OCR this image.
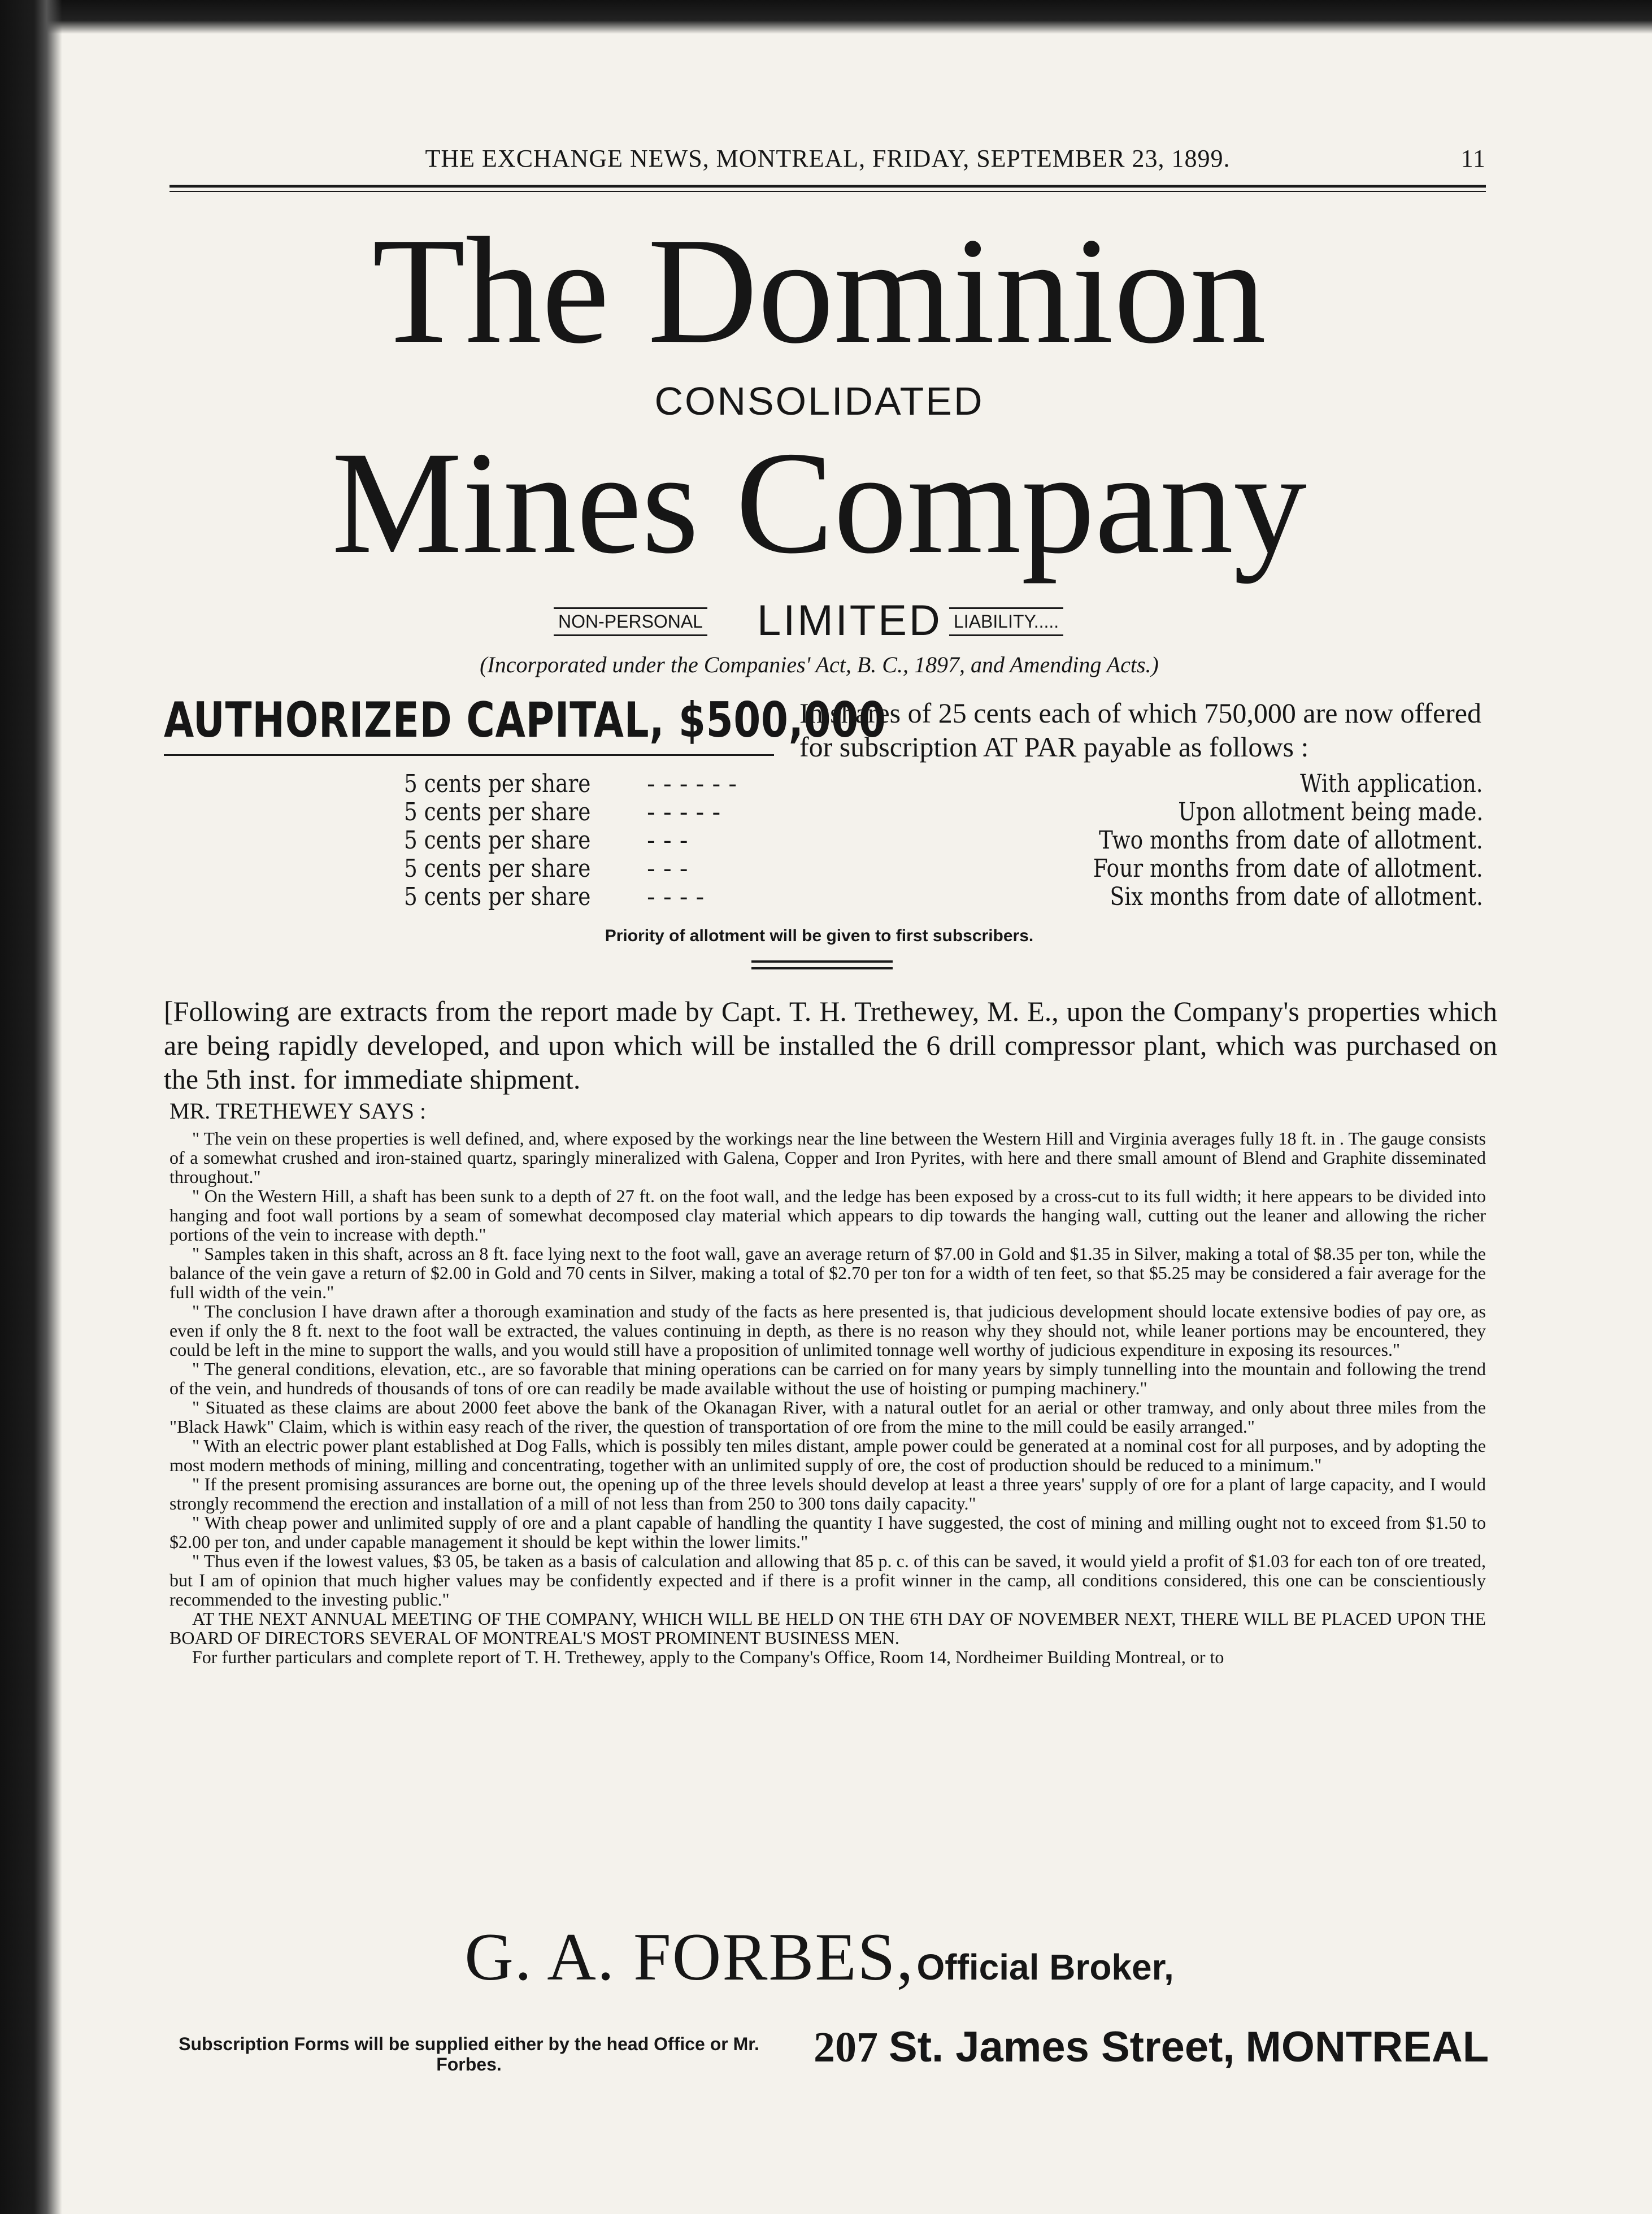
THE EXCHANGE NEWS, MONTREAL, FRIDAY, SEPTEMBER 23, 1899.	11
The Dominion
CONSOLIDATED
Mines Company
NON-PERSONAL LIMITED LIABILITY.....
(Incorporated under the Companies' Act, B. C., 1897, and Amending Acts.)
AUTHORIZED CAPITAL, $500,000
In shares of 25 cents each of which 750,000 are now offered for subscription AT PAR payable as follows :
5 cents per share - - - - - -	With application.
5 cents per share - - - - -	Upon allotment being made.
5 cents per share - - -	Two months from date of allotment.
5 cents per share - - -	Four months from date of allotment.
5 cents per share - - - -	Six months from date of allotment.
Priority of allotment will be given to first subscribers.
[Following are extracts from the report made by Capt. T. H. Trethewey, M. E., upon the Company's properties which are being rapidly developed, and upon which will be installed the 6 drill compressor plant, which was purchased on the 5th inst. for immediate shipment.
MR. TRETHEWEY SAYS :

" The vein on these properties is well defined, and, where exposed by the workings near the line between the Western Hill and Virginia averages fully 18 ft. in . The gauge consists of a somewhat crushed and iron-stained quartz, sparingly mineralized with Galena, Copper and Iron Pyrites, with here and there small amount of Blend and Graphite disseminated throughout."

" On the Western Hill, a shaft has been sunk to a depth of 27 ft. on the foot wall, and the ledge has been exposed by a cross-cut to its full width; it here appears to be divided into hanging and foot wall portions by a seam of somewhat decomposed clay material which appears to dip towards the hanging wall, cutting out the leaner and allowing the richer portions of the vein to increase with depth."

" Samples taken in this shaft, across an 8 ft. face lying next to the foot wall, gave an average return of $7.00 in Gold and $1.35 in Silver, making a total of $8.35 per ton, while the balance of the vein gave a return of $2.00 in Gold and 70 cents in Silver, making a total of $2.70 per ton for a width of ten feet, so that $5.25 may be considered a fair average for the full width of the vein."

" The conclusion I have drawn after a thorough examination and study of the facts as here presented is, that judicious development should locate extensive bodies of pay ore, as even if only the 8 ft. next to the foot wall be extracted, the values continuing in depth, as there is no reason why they should not, while leaner portions may be encountered, they could be left in the mine to support the walls, and you would still have a proposition of unlimited tonnage well worthy of judicious expenditure in exposing its resources."

" The general conditions, elevation, etc., are so favorable that mining operations can be carried on for many years by simply tunnelling into the mountain and following the trend of the vein, and hundreds of thousands of tons of ore can readily be made available without the use of hoisting or pumping machinery."

" Situated as these claims are about 2000 feet above the bank of the Okanagan River, with a natural outlet for an aerial or other tramway, and only about three miles from the "Black Hawk" Claim, which is within easy reach of the river, the question of transportation of ore from the mine to the mill could be easily arranged."

" With an electric power plant established at Dog Falls, which is possibly ten miles distant, ample power could be generated at a nominal cost for all purposes, and by adopting the most modern methods of mining, milling and concentrating, together with an unlimited supply of ore, the cost of production should be reduced to a minimum."

" If the present promising assurances are borne out, the opening up of the three levels should develop at least a three years' supply of ore for a plant of large capacity, and I would strongly recommend the erection and installation of a mill of not less than from 250 to 300 tons daily capacity."

" With cheap power and unlimited supply of ore and a plant capable of handling the quantity I have suggested, the cost of mining and milling ought not to exceed from $1.50 to $2.00 per ton, and under capable management it should be kept within the lower limits."

" Thus even if the lowest values, $3 05, be taken as a basis of calculation and allowing that 85 p. c. of this can be saved, it would yield a profit of $1.03 for each ton of ore treated, but I am of opinion that much higher values may be confidently expected and if there is a profit winner in the camp, all conditions considered, this one can be conscientiously recommended to the investing public."

AT THE NEXT ANNUAL MEETING OF THE COMPANY, WHICH WILL BE HELD ON THE 6TH DAY OF NOVEMBER NEXT, THERE WILL BE PLACED UPON THE BOARD OF DIRECTORS SEVERAL OF MONTREAL'S MOST PROMINENT BUSINESS MEN.

For further particulars and complete report of T. H. Trethewey, apply to the Company's Office, Room 14, Nordheimer Building Montreal, or to

G. A. FORBES, Official Broker,
Subscription Forms will be supplied either by the head Office or Mr. Forbes.	207 St. James Street, MONTREAL
